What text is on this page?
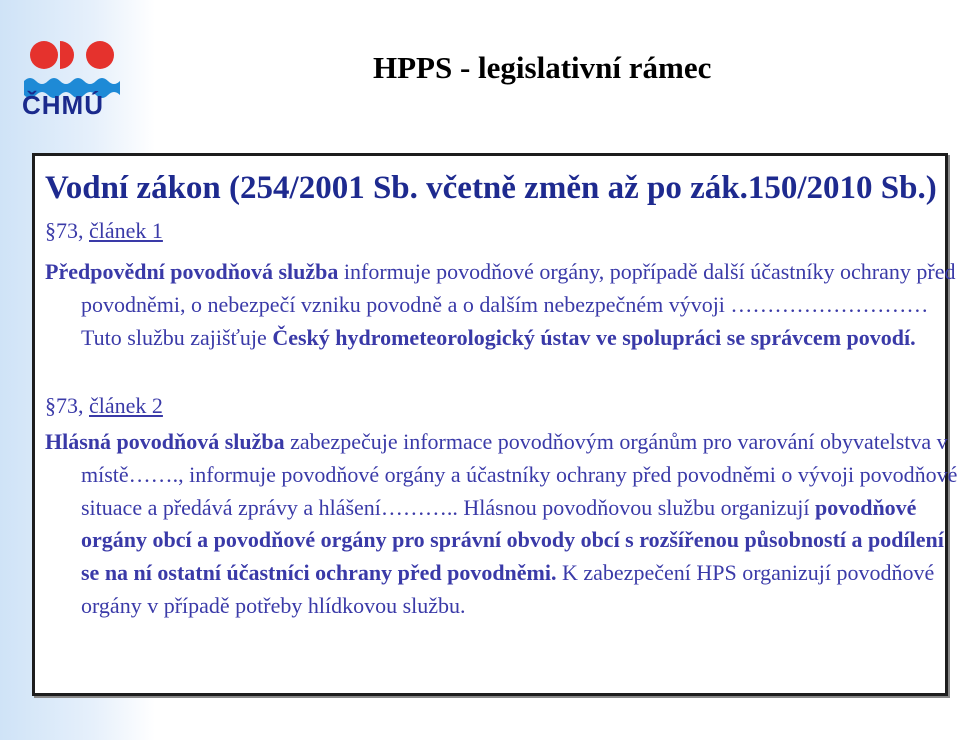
ČHMÚ
HPPS - legislativní rámec
Vodní zákon (254/2001 Sb. včetně změn až po zák.150/2010 Sb.)
§73, článek 1
Předpovědní povodňová služba informuje povodňové orgány, popřípadě další účastníky ochrany před povodněmi, o nebezpečí vzniku povodně a o dalším nebezpečném vývoji ………………………Tuto službu zajišťuje Český hydrometeorologický ústav ve spolupráci se správcem povodí.
§73, článek 2
Hlásná povodňová služba zabezpečuje informace povodňovým orgánům pro varování obyvatelstva v místě……., informuje povodňové orgány a účastníky ochrany před povodněmi o vývoji povodňové situace a předává zprávy a hlášení……….. Hlásnou povodňovou službu organizují povodňové orgány obcí a povodňové orgány pro správní obvody obcí s rozšířenou působností a podílení se na ní ostatní účastníci ochrany před povodněmi. K zabezpečení HPS organizují povodňové orgány v případě potřeby hlídkovou službu.
